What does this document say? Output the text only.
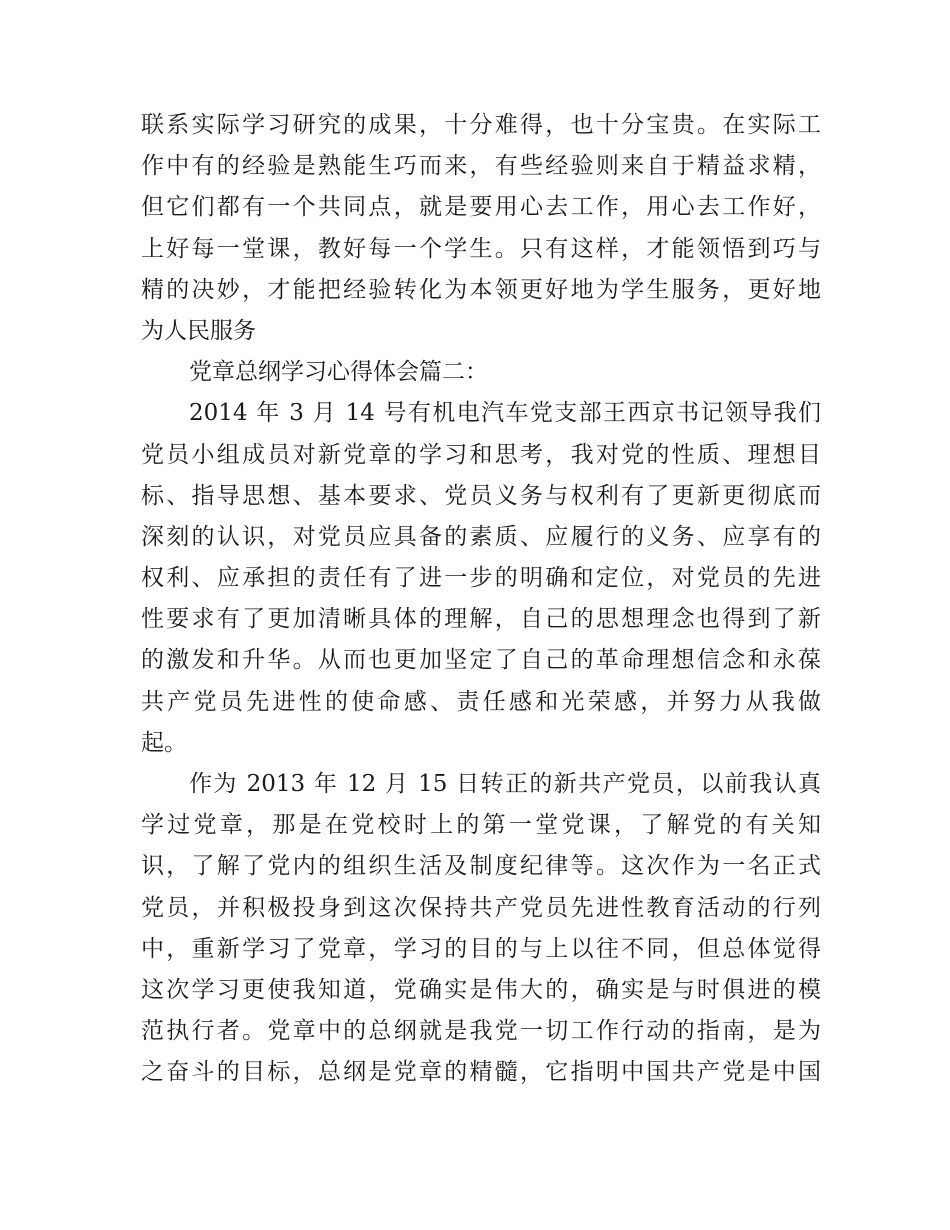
联系实际学习研究的成果，十分难得，也十分宝贵。在实际工
作中有的经验是熟能生巧而来，有些经验则来自于精益求精，
但它们都有一个共同点，就是要用心去工作，用心去工作好，
上好每一堂课，教好每一个学生。只有这样，才能领悟到巧与
精的决妙，才能把经验转化为本领更好地为学生服务，更好地
为人民服务
党章总纲学习心得体会篇二：
2014 年 3 月 14 号有机电汽车党支部王西京书记领导我们
党员小组成员对新党章的学习和思考，我对党的性质、理想目
标、指导思想、基本要求、党员义务与权利有了更新更彻底而
深刻的认识，对党员应具备的素质、应履行的义务、应享有的
权利、应承担的责任有了进一步的明确和定位，对党员的先进
性要求有了更加清晰具体的理解，自己的思想理念也得到了新
的激发和升华。从而也更加坚定了自己的革命理想信念和永葆
共产党员先进性的使命感、责任感和光荣感，并努力从我做
起。
作为 2013 年 12 月 15 日转正的新共产党员，以前我认真
学过党章，那是在党校时上的第一堂党课，了解党的有关知
识，了解了党内的组织生活及制度纪律等。这次作为一名正式
党员，并积极投身到这次保持共产党员先进性教育活动的行列
中，重新学习了党章，学习的目的与上以往不同，但总体觉得
这次学习更使我知道，党确实是伟大的，确实是与时俱进的模
范执行者。党章中的总纲就是我党一切工作行动的指南，是为
之奋斗的目标，总纲是党章的精髓，它指明中国共产党是中国
